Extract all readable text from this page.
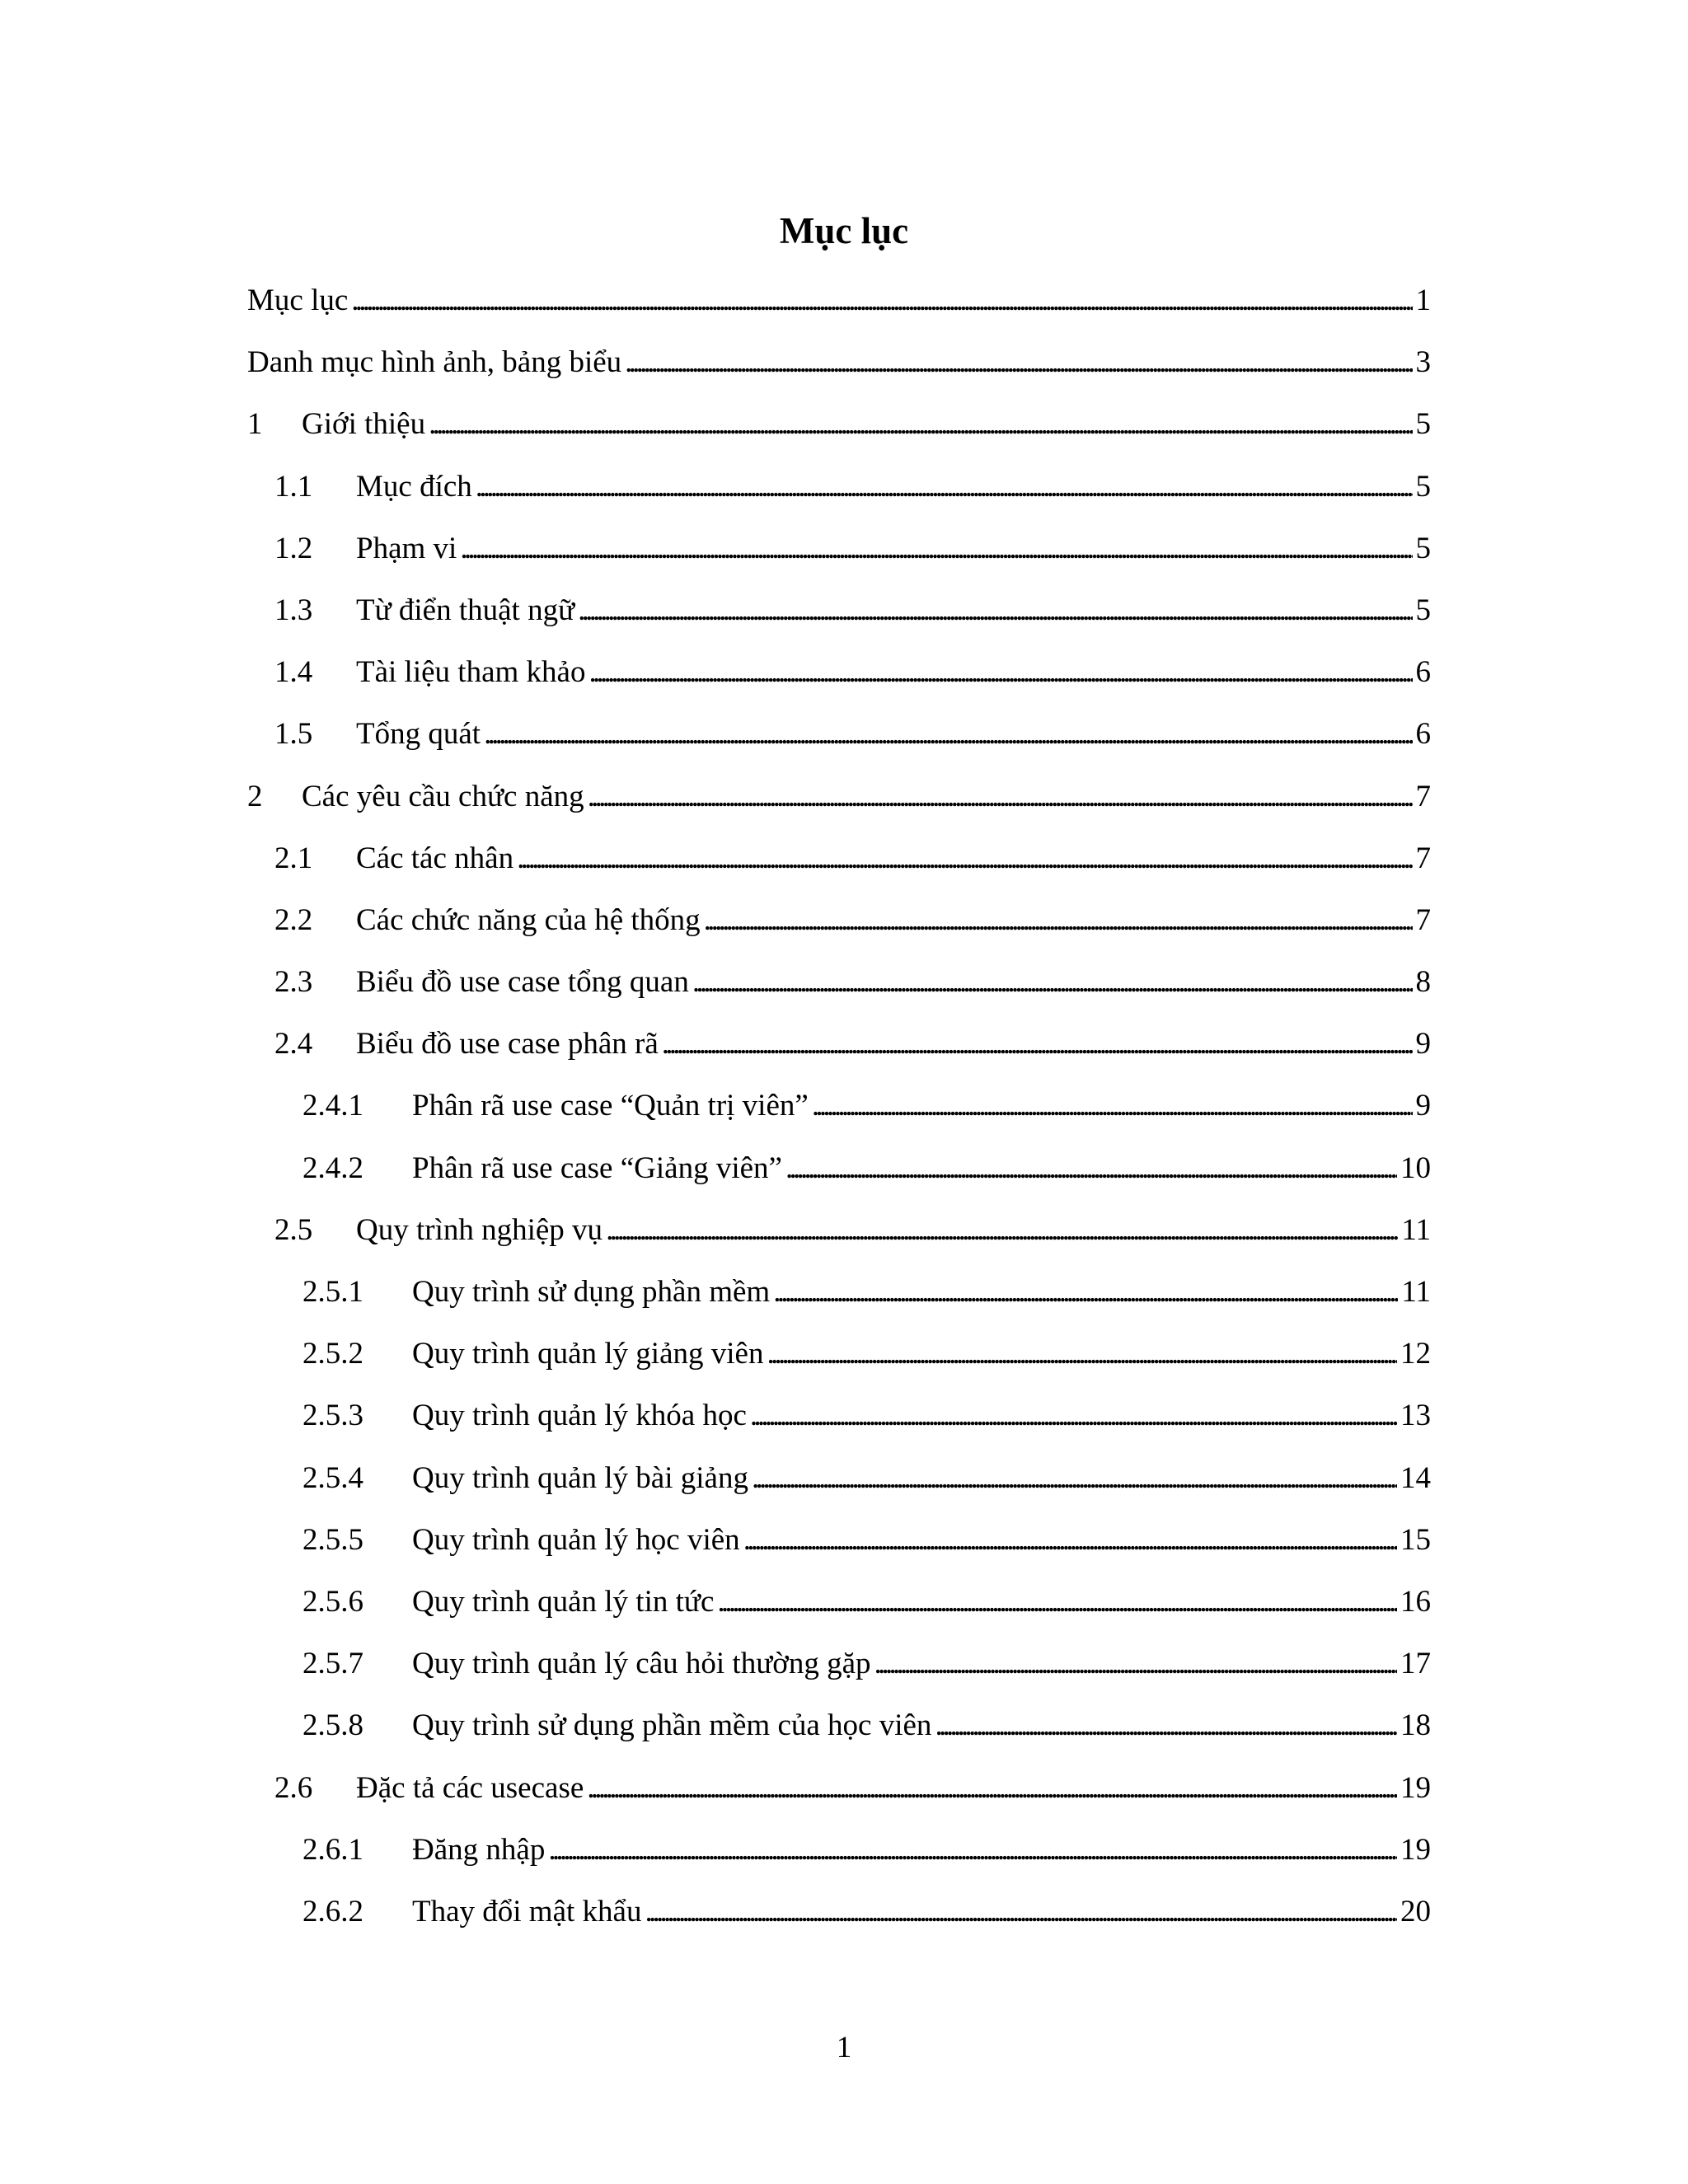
Mục lục
Mục lục . . .	1
Danh mục hình ảnh, bảng biểu . . .	3
1	Giới thiệu . . .	5
1.1	Mục đích . . .	5
1.2	Phạm vi . . .	5
1.3	Từ điển thuật ngữ . . .	5
1.4	Tài liệu tham khảo . . .	6
1.5	Tổng quát . . .	6
2	Các yêu cầu chức năng . . .	7
2.1	Các tác nhân . . .	7
2.2	Các chức năng của hệ thống . . .	7
2.3	Biểu đồ use case tổng quan . . .	8
2.4	Biểu đồ use case phân rã . . .	9
2.4.1	Phân rã use case “Quản trị viên” . . .	9
2.4.2	Phân rã use case “Giảng viên” . . .	10
2.5	Quy trình nghiệp vụ . . .	11
2.5.1	Quy trình sử dụng phần mềm . . .	11
2.5.2	Quy trình quản lý giảng viên . . .	12
2.5.3	Quy trình quản lý khóa học . . .	13
2.5.4	Quy trình quản lý bài giảng . . .	14
2.5.5	Quy trình quản lý học viên . . .	15
2.5.6	Quy trình quản lý tin tức . . .	16
2.5.7	Quy trình quản lý câu hỏi thường gặp . . .	17
2.5.8	Quy trình sử dụng phần mềm của học viên . . .	18
2.6	Đặc tả các usecase . . .	19
2.6.1	Đăng nhập . . .	19
2.6.2	Thay đổi mật khẩu . . .	20
1
